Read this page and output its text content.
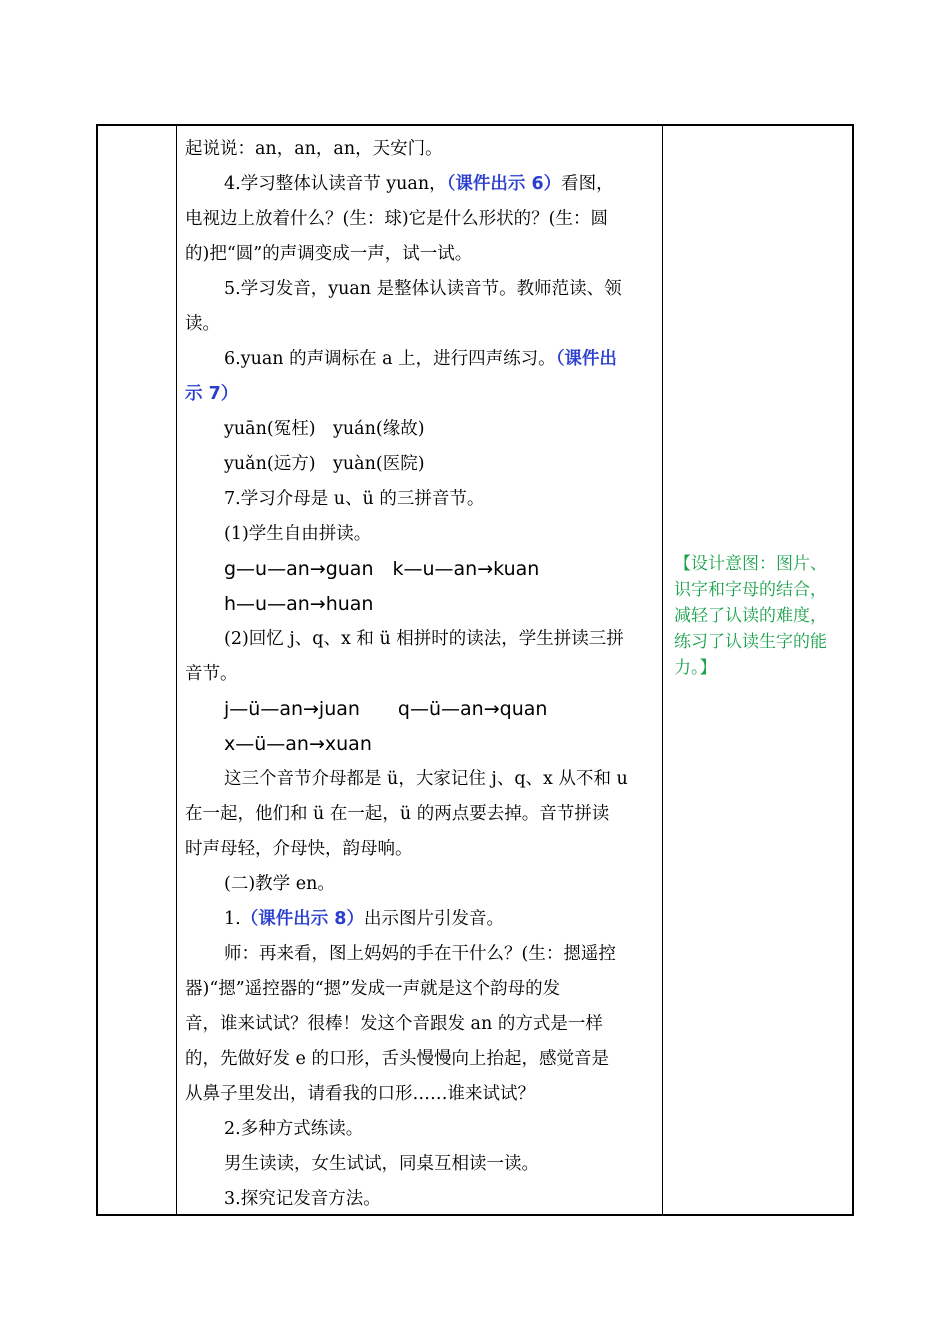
起说说：an，an，an，天安门。
4.学习整体认读音节 yuan，（课件出示 6）看图，
电视边上放着什么？(生：球)它是什么形状的？(生：圆
的)把“圆”的声调变成一声，试一试。
5.学习发音，yuan 是整体认读音节。教师范读、领
读。
6.yuan 的声调标在 a 上，进行四声练习。（课件出
示 7）
yuān(冤枉)　yuán(缘故)
yuǎn(远方)　yuàn(医院)
7.学习介母是 u、ü 的三拼音节。
(1)学生自由拼读。
g—u—an→guan　k—u—an→kuan
h—u—an→huan
(2)回忆 j、q、x 和 ü 相拼时的读法，学生拼读三拼
音节。
j—ü—an→juan　　q—ü—an→quan
x—ü—an→xuan
这三个音节介母都是 ü，大家记住 j、q、x 从不和 u
在一起，他们和 ü 在一起，ü 的两点要去掉。音节拼读
时声母轻，介母快，韵母响。
(二)教学 en。
1.（课件出示 8）出示图片引发音。
师：再来看，图上妈妈的手在干什么？(生：摁遥控
器)“摁”遥控器的“摁”发成一声就是这个韵母的发
音，谁来试试？很棒！发这个音跟发 an 的方式是一样
的，先做好发 e 的口形，舌头慢慢向上抬起，感觉音是
从鼻子里发出，请看我的口形……谁来试试？
2.多种方式练读。
男生读读，女生试试，同桌互相读一读。
3.探究记发音方法。
【设计意图：图片、
识字和字母的结合，
减轻了认读的难度，
练习了认读生字的能
力。】
